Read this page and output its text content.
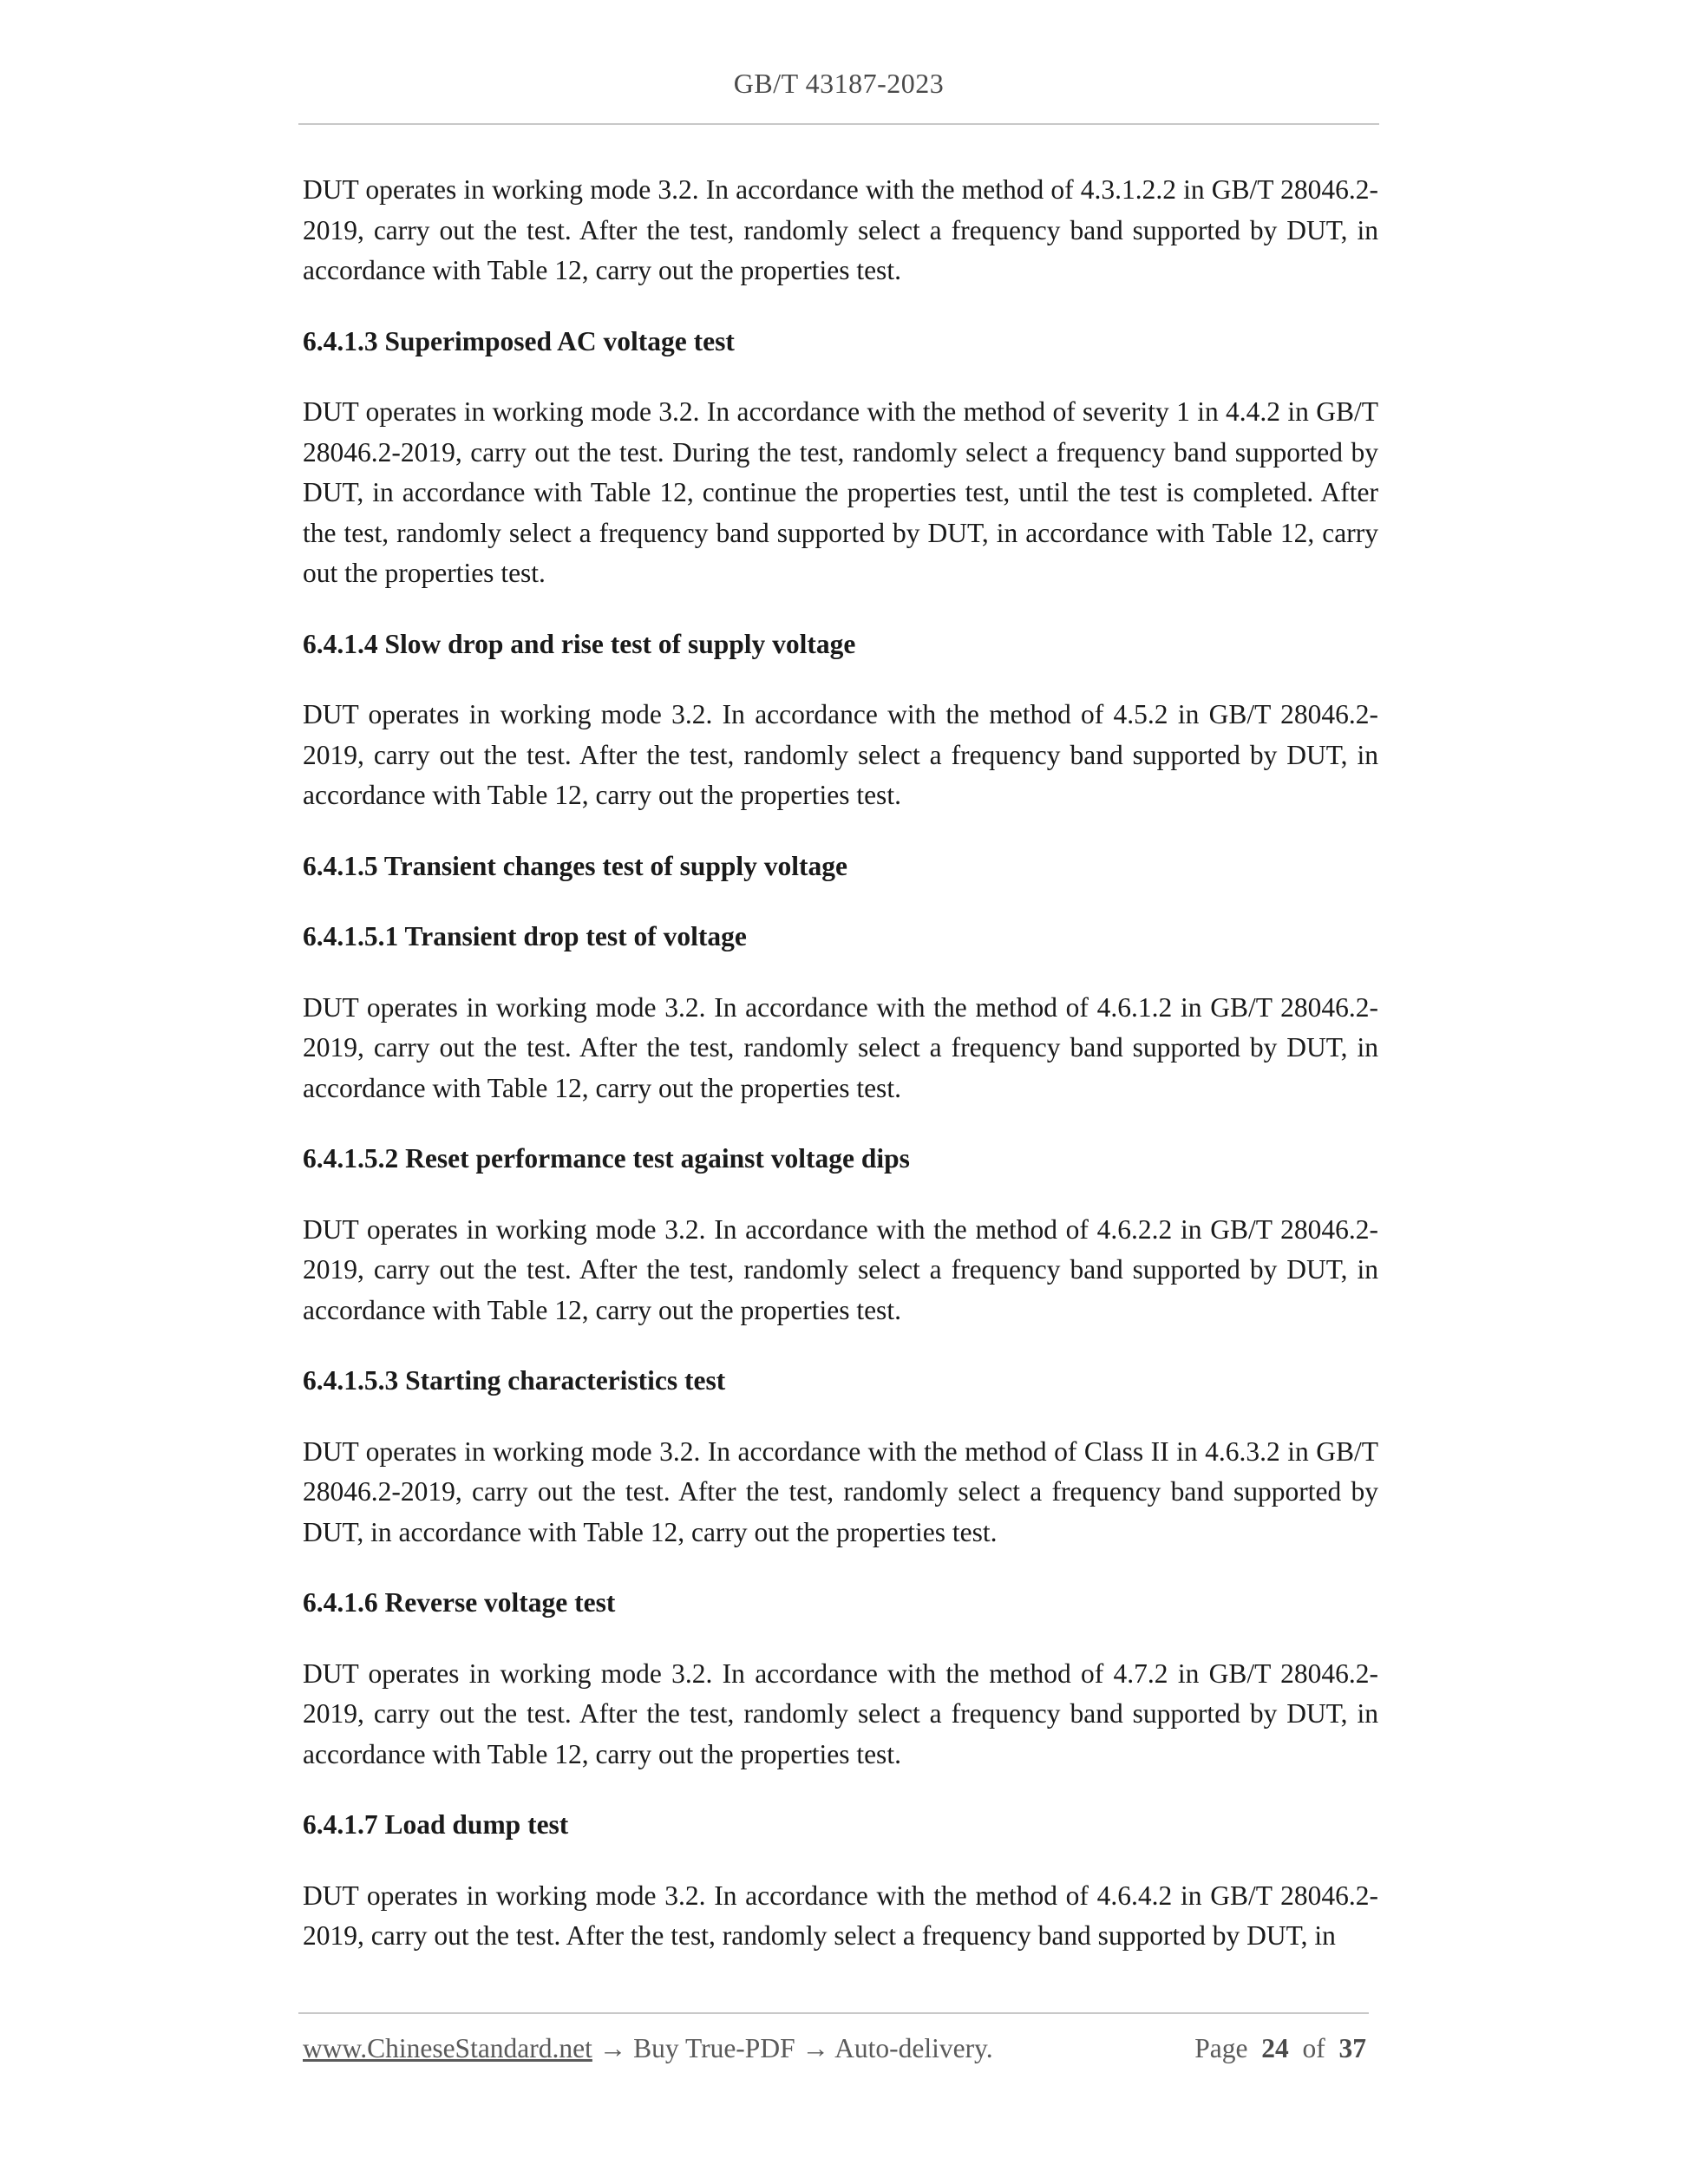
GB/T 43187-2023

DUT operates in working mode 3.2. In accordance with the method of 4.3.1.2.2 in GB/T 28046.2-2019, carry out the test. After the test, randomly select a frequency band supported by DUT, in accordance with Table 12, carry out the properties test.

6.4.1.3 Superimposed AC voltage test

DUT operates in working mode 3.2. In accordance with the method of severity 1 in 4.4.2 in GB/T 28046.2-2019, carry out the test. During the test, randomly select a frequency band supported by DUT, in accordance with Table 12, continue the properties test, until the test is completed. After the test, randomly select a frequency band supported by DUT, in accordance with Table 12, carry out the properties test.

6.4.1.4 Slow drop and rise test of supply voltage

DUT operates in working mode 3.2. In accordance with the method of 4.5.2 in GB/T 28046.2-2019, carry out the test. After the test, randomly select a frequency band supported by DUT, in accordance with Table 12, carry out the properties test.

6.4.1.5 Transient changes test of supply voltage
6.4.1.5.1 Transient drop test of voltage

DUT operates in working mode 3.2. In accordance with the method of 4.6.1.2 in GB/T 28046.2-2019, carry out the test. After the test, randomly select a frequency band supported by DUT, in accordance with Table 12, carry out the properties test.

6.4.1.5.2 Reset performance test against voltage dips

DUT operates in working mode 3.2. In accordance with the method of 4.6.2.2 in GB/T 28046.2-2019, carry out the test. After the test, randomly select a frequency band supported by DUT, in accordance with Table 12, carry out the properties test.

6.4.1.5.3 Starting characteristics test

DUT operates in working mode 3.2. In accordance with the method of Class II in 4.6.3.2 in GB/T 28046.2-2019, carry out the test. After the test, randomly select a frequency band supported by DUT, in accordance with Table 12, carry out the properties test.

6.4.1.6 Reverse voltage test

DUT operates in working mode 3.2. In accordance with the method of 4.7.2 in GB/T 28046.2-2019, carry out the test. After the test, randomly select a frequency band supported by DUT, in accordance with Table 12, carry out the properties test.

6.4.1.7 Load dump test

DUT operates in working mode 3.2. In accordance with the method of 4.6.4.2 in GB/T 28046.2-2019, carry out the test. After the test, randomly select a frequency band supported by DUT, in

www.ChineseStandard.net → Buy True-PDF → Auto-delivery.	Page 24 of 37
